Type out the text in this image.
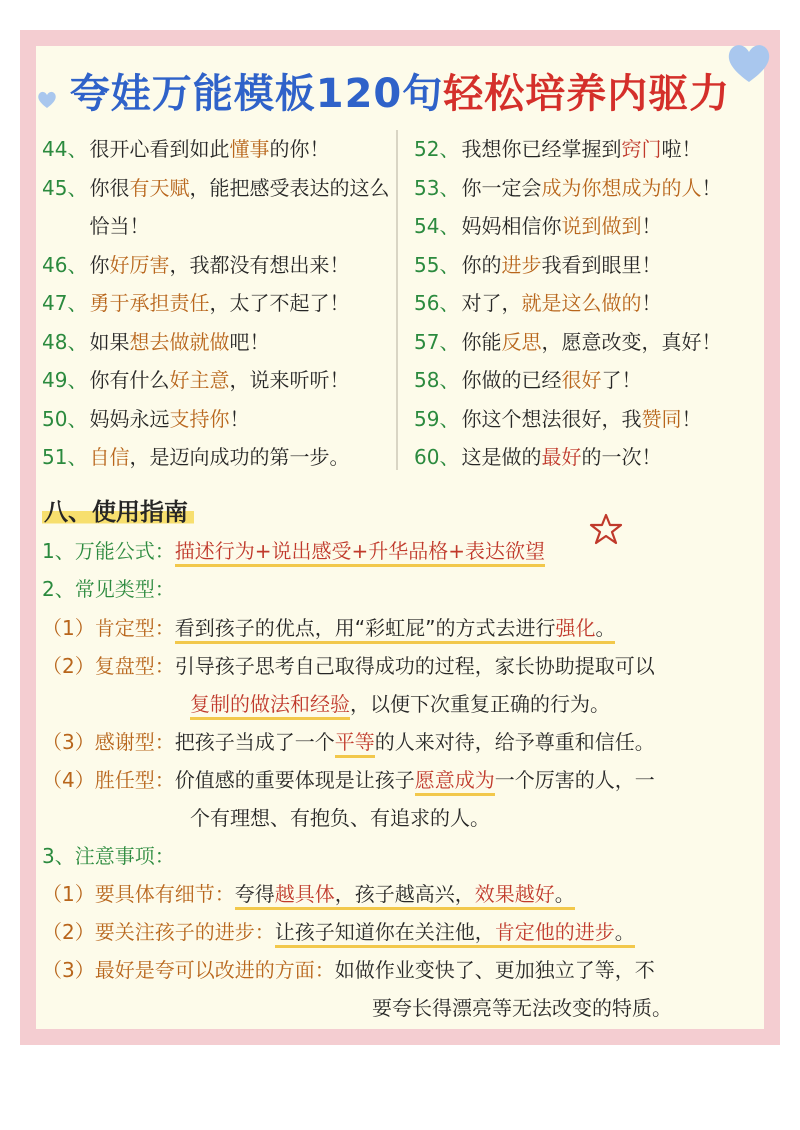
夸娃万能模板120句轻松培养内驱力
44、 很开心看到如此懂事的你！
45、 你很有天赋，能把感受表达的这么恰当！
46、 你好厉害，我都没有想出来！
47、 勇于承担责任，太了不起了！
48、 如果想去做就做吧！
49、 你有什么好主意，说来听听！
50、 妈妈永远支持你！
51、 自信，是迈向成功的第一步。
52、 我想你已经掌握到窍门啦！
53、 你一定会成为你想成为的人！
54、 妈妈相信你说到做到！
55、 你的进步我看到眼里！
56、 对了，就是这么做的！
57、 你能反思，愿意改变，真好！
58、 你做的已经很好了！
59、 你这个想法很好，我赞同！
60、 这是做的最好的一次！
八、使用指南
1、万能公式：描述行为+说出感受+升华品格+表达欲望
2、常见类型：
（1）肯定型：看到孩子的优点，用“彩虹屁”的方式去进行强化。
（2）复盘型：引导孩子思考自己取得成功的过程，家长协助提取可以
复制的做法和经验，以便下次重复正确的行为。
（3）感谢型：把孩子当成了一个平等的人来对待，给予尊重和信任。
（4）胜任型：价值感的重要体现是让孩子愿意成为一个厉害的人，一
个有理想、有抱负、有追求的人。
3、注意事项：
（1）要具体有细节：夸得越具体，孩子越高兴，效果越好。
（2）要关注孩子的进步：让孩子知道你在关注他，肯定他的进步。
（3）最好是夸可以改进的方面：如做作业变快了、更加独立了等，不
要夸长得漂亮等无法改变的特质。
